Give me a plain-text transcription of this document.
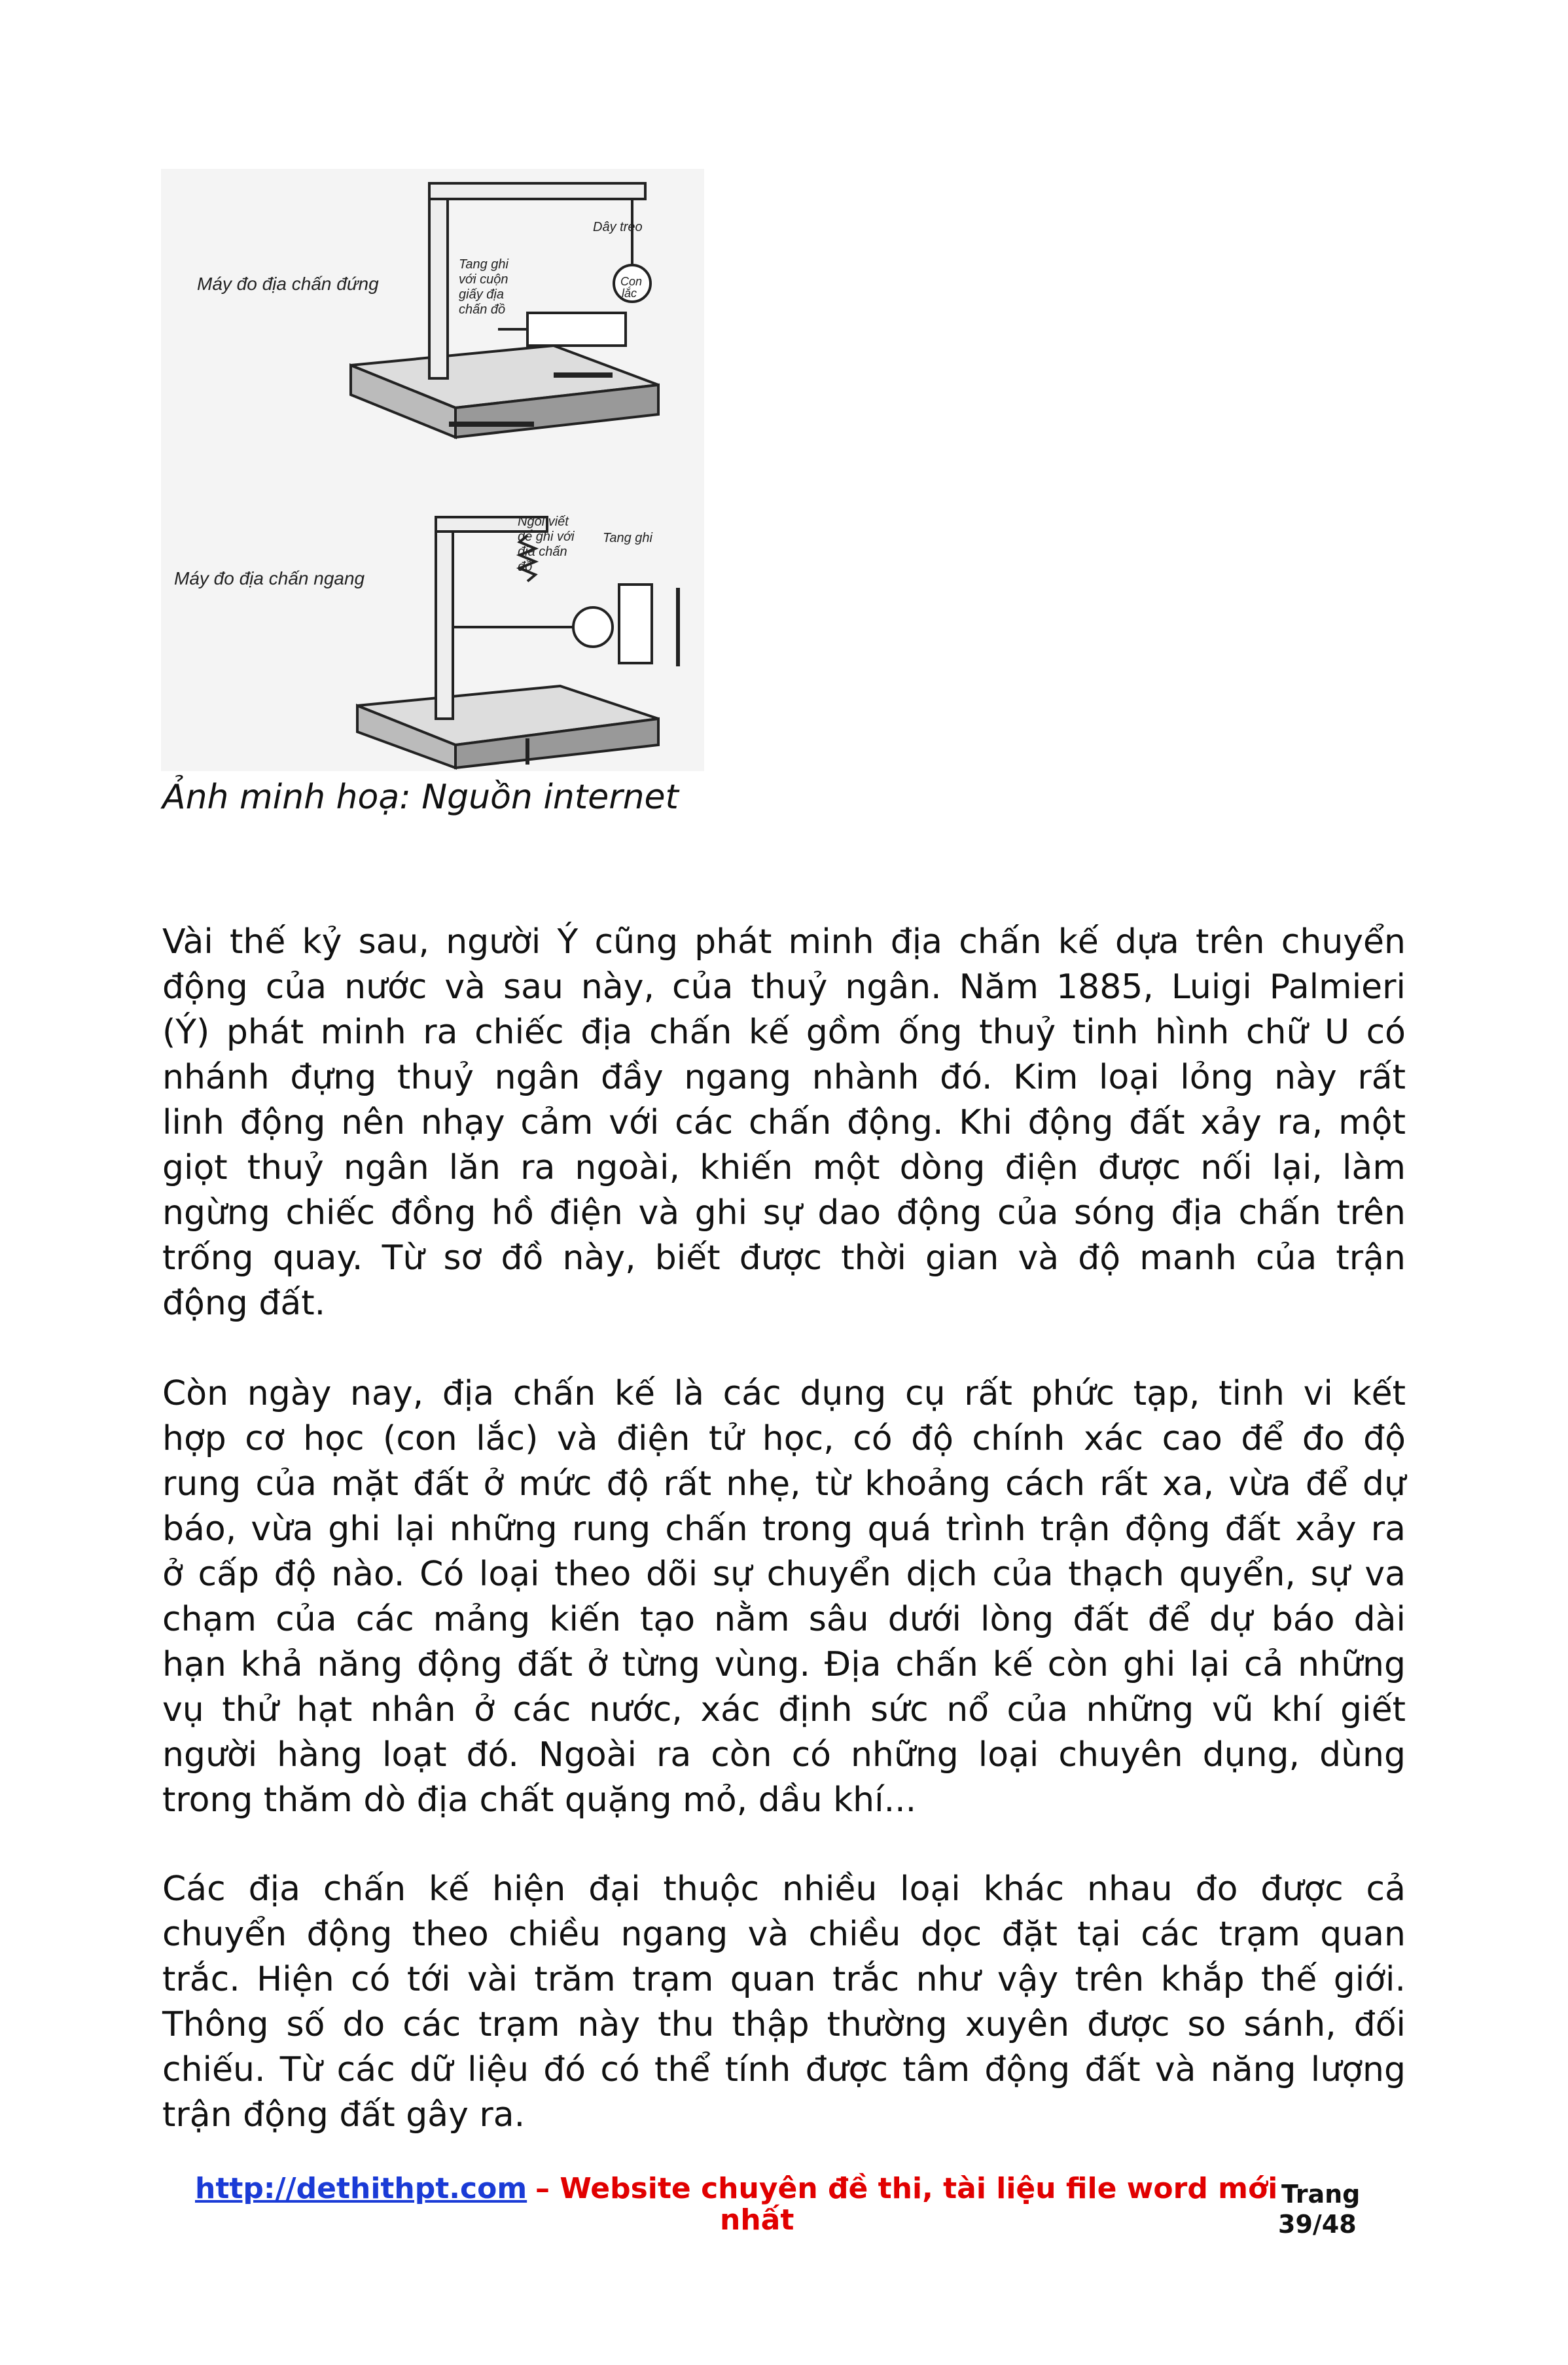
Máy đo địa chấn đứng
Dây treo
Tang ghi
với cuộn
giấy địa
chấn đồ
Con
lắc
Máy đo địa chấn ngang
Ngòi viết
để ghi với
địa chấn
đồ
Tang ghi
Ảnh minh hoạ: Nguồn internet
Vài thế kỷ sau, người Ý cũng phát minh địa chấn kế dựa trên chuyển
động của nước và sau này, của thuỷ ngân. Năm 1885, Luigi Palmieri
(Ý) phát minh ra chiếc địa chấn kế gồm ống thuỷ tinh hình chữ U có
nhánh đựng thuỷ ngân đầy ngang nhành đó. Kim loại lỏng này rất
linh động nên nhạy cảm với các chấn động. Khi động đất xảy ra, một
giọt thuỷ ngân lăn ra ngoài, khiến một dòng điện được nối lại, làm
ngừng chiếc đồng hồ điện và ghi sự dao động của sóng địa chấn trên
trống quay. Từ sơ đồ này, biết được thời gian và độ manh của trận
động đất.
Còn ngày nay, địa chấn kế là các dụng cụ rất phức tạp, tinh vi kết
hợp cơ học (con lắc) và điện tử học, có độ chính xác cao để đo độ
rung của mặt đất ở mức độ rất nhẹ, từ khoảng cách rất xa, vừa để dự
báo, vừa ghi lại những rung chấn trong quá trình trận động đất xảy ra
ở cấp độ nào. Có loại theo dõi sự chuyển dịch của thạch quyển, sự va
chạm của các mảng kiến tạo nằm sâu dưới lòng đất để dự báo dài
hạn khả năng động đất ở từng vùng. Địa chấn kế còn ghi lại cả những
vụ thử hạt nhân ở các nước, xác định sức nổ của những vũ khí giết
người hàng loạt đó. Ngoài ra còn có những loại chuyên dụng, dùng
trong thăm dò địa chất quặng mỏ, dầu khí...
Các địa chấn kế hiện đại thuộc nhiều loại khác nhau đo được cả
chuyển động theo chiều ngang và chiều dọc đặt tại các trạm quan
trắc. Hiện có tới vài trăm trạm quan trắc như vậy trên khắp thế giới.
Thông số do các trạm này thu thập thường xuyên được so sánh, đối
chiếu. Từ các dữ liệu đó có thể tính được tâm động đất và năng lượng
trận động đất gây ra.
http://dethithpt.com – Website chuyên đề thi, tài liệu file word mới
nhất
Trang
39/48
